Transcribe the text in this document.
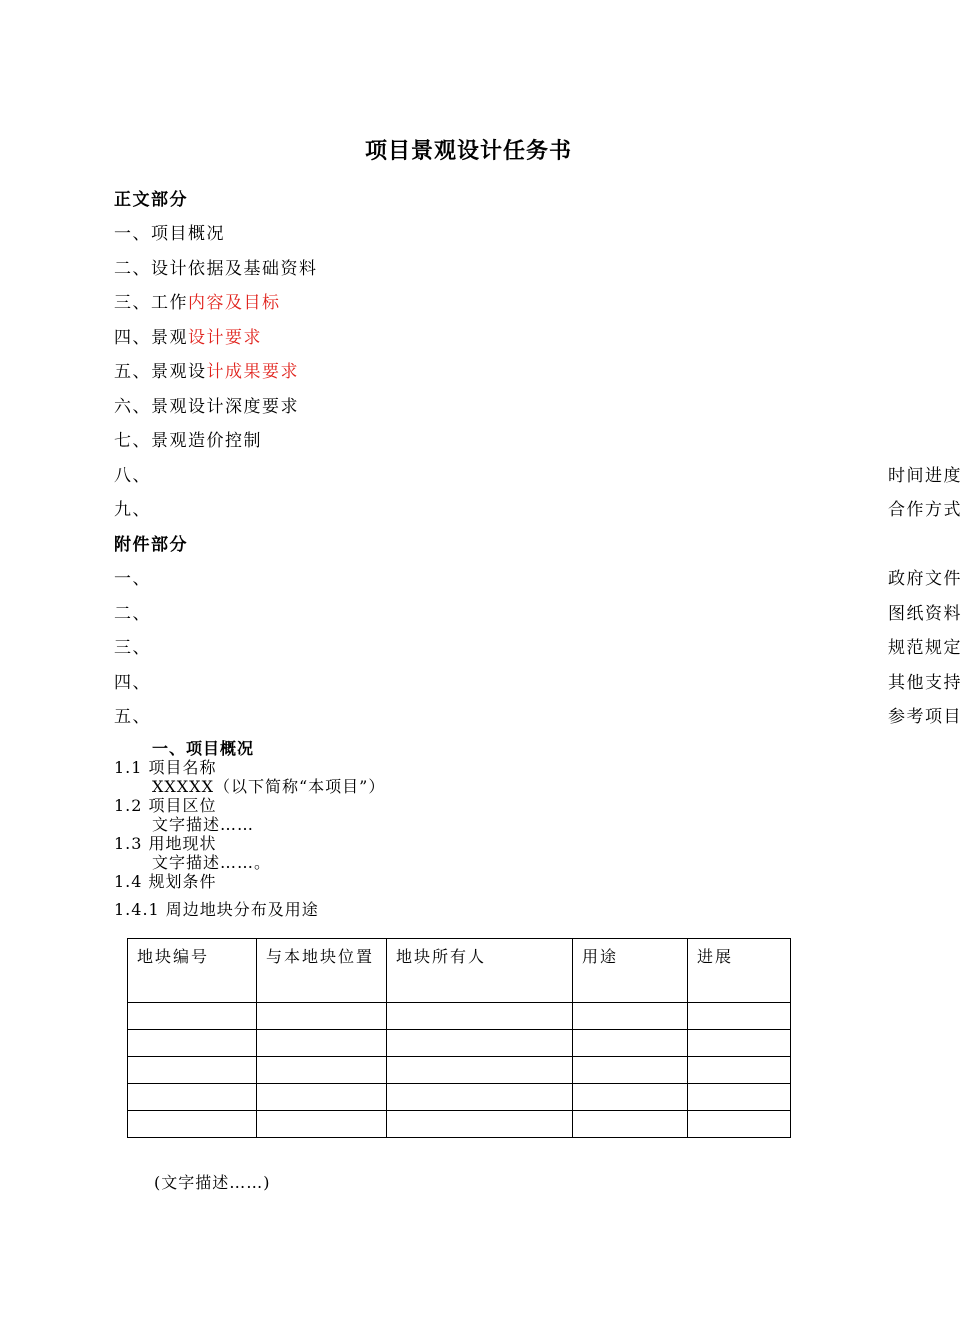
项目景观设计任务书
正文部分
一、项目概况
二、设计依据及基础资料
三、工作内容及目标
四、景观设计要求
五、景观设计成果要求
六、景观设计深度要求
七、景观造价控制
八、	时间进度
九、	合作方式
附件部分
一、	政府文件
二、	图纸资料
三、	规范规定
四、	其他支持
五、	参考项目
一、项目概况
1.1 项目名称
XXXXX（以下简称“本项目”）
1.2 项目区位
文字描述……
1.3 用地现状
文字描述……。
1.4 规划条件
1.4.1 周边地块分布及用途
地块编号	与本地块位置	地块所有人	用途	进展

(文字描述……)
